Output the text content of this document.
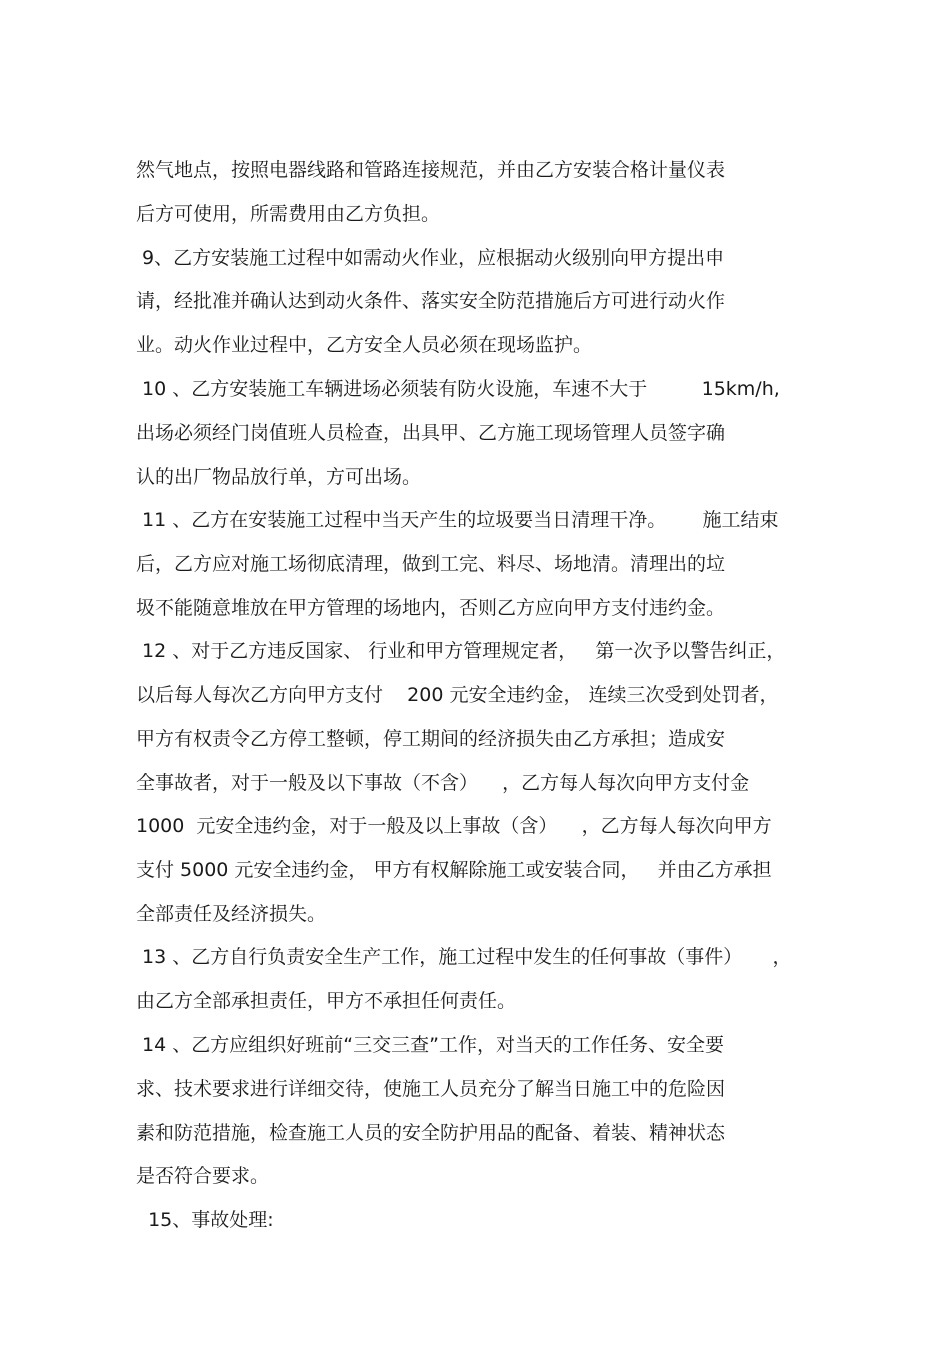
然气地点，按照电器线路和管路连接规范，并由乙方安装合格计量仪表
后方可使用，所需费用由乙方负担。
9、乙方安装施工过程中如需动火作业，应根据动火级别向甲方提出申
请，经批准并确认达到动火条件、落实安全防范措施后方可进行动火作
业。动火作业过程中，乙方安全人员必须在现场监护。
10 、乙方安装施工车辆进场必须装有防火设施，车速不大于         15km/h,
出场必须经门岗值班人员检查，出具甲、乙方施工现场管理人员签字确
认的出厂物品放行单，方可出场。
11 、乙方在安装施工过程中当天产生的垃圾要当日清理干净。      施工结束
后，乙方应对施工场彻底清理，做到工完、料尽、场地清。清理出的垃
圾不能随意堆放在甲方管理的场地内，否则乙方应向甲方支付违约金。
12 、对于乙方违反国家、 行业和甲方管理规定者，   第一次予以警告纠正，
以后每人每次乙方向甲方支付    200 元安全违约金， 连续三次受到处罚者，
甲方有权责令乙方停工整顿，停工期间的经济损失由乙方承担；造成安
全事故者，对于一般及以下事故（不含）    ，乙方每人每次向甲方支付金
1000  元安全违约金，对于一般及以上事故（含）    ，乙方每人每次向甲方
支付 5000 元安全违约金， 甲方有权解除施工或安装合同，   并由乙方承担
全部责任及经济损失。
13 、乙方自行负责安全生产工作，施工过程中发生的任何事故（事件）     ，
由乙方全部承担责任，甲方不承担任何责任。
14 、乙方应组织好班前“三交三查”工作，对当天的工作任务、安全要
求、技术要求进行详细交待，使施工人员充分了解当日施工中的危险因
素和防范措施，检查施工人员的安全防护用品的配备、着装、精神状态
是否符合要求。
15、事故处理:
